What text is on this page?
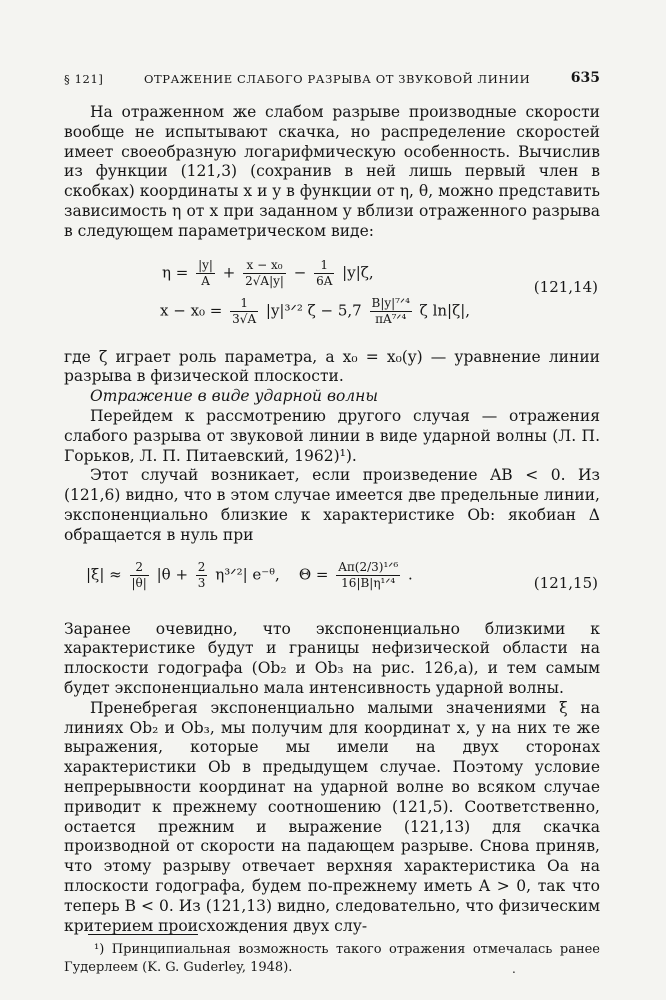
§ 121]	ОТРАЖЕНИЕ СЛАБОГО РАЗРЫВА ОТ ЗВУКОВОЙ ЛИНИИ	635

На отраженном же слабом разрыве производные скорости вообще не испытывают скачка, но распределение скоростей имеет своеобразную логарифмическую особенность. Вычислив из функции (121,3) (сохранив в ней лишь первый член в скобках) координаты x и y в функции от η, θ, можно представить зависимость η от x при заданном y вблизи отраженного разрыва в следующем параметрическом виде:

$\eta = \frac{|y|}{A} + \frac{\text{x − x₀}}{2√A|y|} - \frac{1}{6A} |y|\zeta$,
$x - x_0 = \frac{1}{3√A}$ |y|³ᐟ² $\zeta - 5,7 \frac{\text{B|y|⁷ᐟ⁴}}{\text{πA⁷ᐟ⁴}}$ ζ ln|ζ|,
(121,14)

где ζ играет роль параметра, а x₀ = x₀(y) — уравнение линии разрыва в физической плоскости.

Отражение в виде ударной волны

Перейдем к рассмотрению другого случая — отражения слабого разрыва от звуковой линии в виде ударной волны (Л. П. Горьков, Л. П. Питаевский, 1962)¹).

Этот случай возникает, если произведение AB < 0. Из (121,6) видно, что в этом случае имеется две предельные линии, экспоненциально близкие к характеристике Ob: якобиан Δ обращается в нуль при

$|\xi| \approx \frac{2}{|\theta|} |\theta + \frac{2}{3}$ η³ᐟ²| e⁻ᶿ, $\Theta = \frac{\text{Aπ(2/3)¹ᐟ⁶}}{\text{16|B|η¹ᐟ⁴}}$ .	(121,15)

Заранее очевидно, что экспоненциально близкими к характеристике будут и границы нефизической области на плоскости годографа (Ob₂ и Ob₃ на рис. 126,a), и тем самым будет экспоненциально мала интенсивность ударной волны.

Пренебрегая экспоненциально малыми значениями ξ на линиях Ob₂ и Ob₃, мы получим для координат x, y на них те же выражения, которые мы имели на двух сторонах характеристики Ob в предыдущем случае. Поэтому условие непрерывности координат на ударной волне во всяком случае приводит к прежнему соотношению (121,5). Соответственно, остается прежним и выражение (121,13) для скачка производной от скорости на падающем разрыве. Снова приняв, что этому разрыву отвечает верхняя характеристика Oa на плоскости годографа, будем по-прежнему иметь A > 0, так что теперь B < 0. Из (121,13) видно, следовательно, что физическим критерием происхождения двух слу-

¹) Принципиальная возможность такого отражения отмечалась ранее Гудерлеем (K. G. Guderley, 1948).	.
